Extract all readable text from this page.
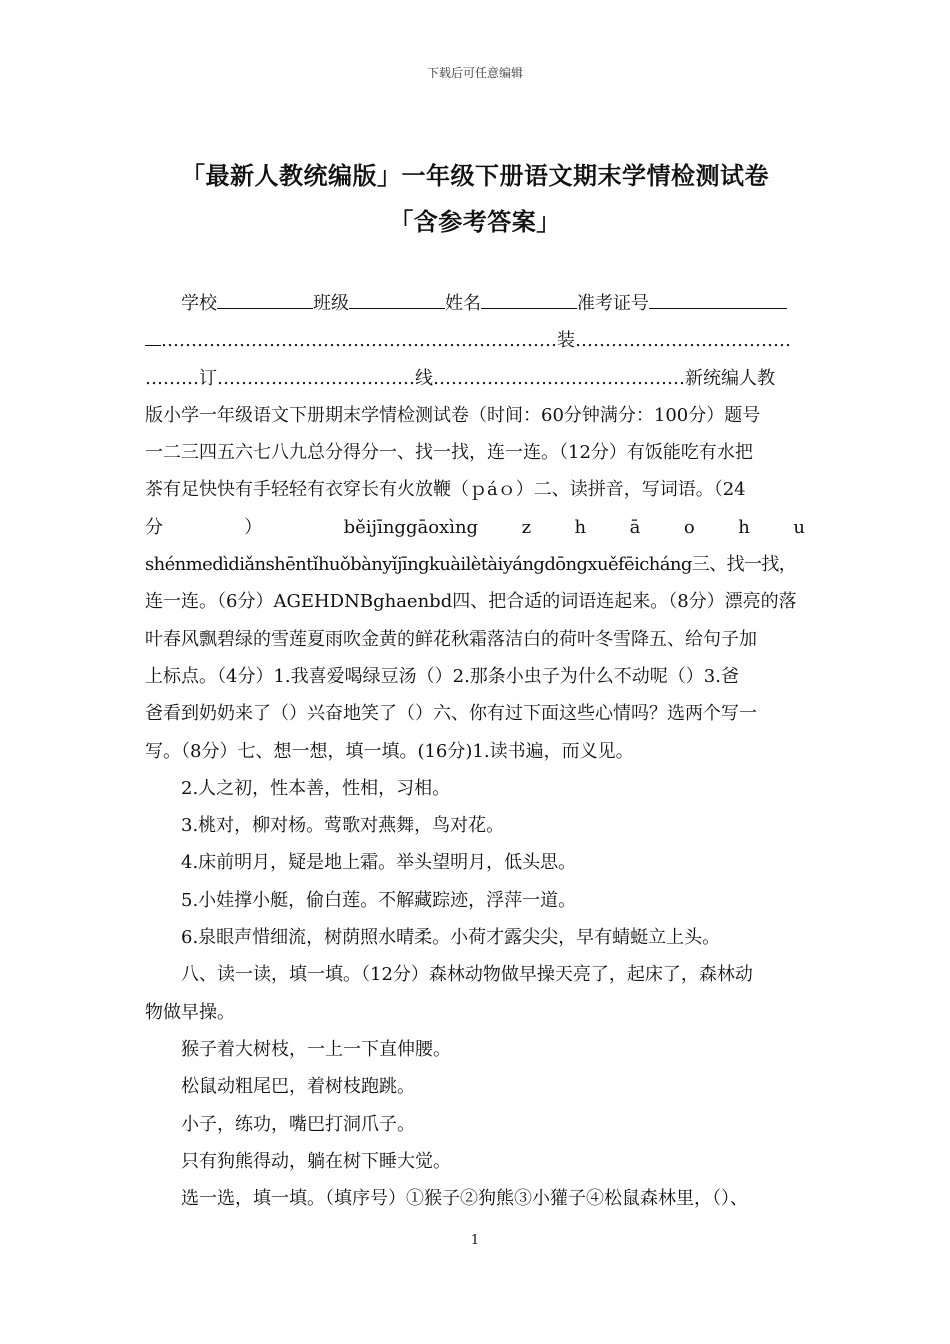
下载后可任意编辑
「最新人教统编版」一年级下册语文期末学情检测试卷
「含参考答案」

学校	班级	姓名	准考证号

…………………………………………………………装………………………………

………订……………………………线……………………………………新统编人教

版小学一年级语文下册期末学情检测试卷（时间：60分钟满分：100分）题号

一二三四五六七八九总分得分一、找一找，连一连。（12分）有饭能吃有水把

茶有足快快有手轻轻有衣穿长有火放鞭（ｐáｏ）二、读拼音，写词语。（24

分 ） běijīnggāoxìng z h ā o h u

shénmedìdiǎnshēntǐhuǒbànyǐjīngkuàilètàiyángdōngxuěfēicháng三、找一找，

连一连。（6分）AGEHDNBghaenbd四、把合适的词语连起来。（8分）漂亮的落

叶春风飘碧绿的雪莲夏雨吹金黄的鲜花秋霜落洁白的荷叶冬雪降五、给句子加

上标点。（4分）1.我喜爱喝绿豆汤（）2.那条小虫子为什么不动呢（）3.爸

爸看到奶奶来了（）兴奋地笑了（）六、你有过下面这些心情吗？选两个写一

写。（8分）七、想一想，填一填。(16分)1.读书遍，而义见。

2.人之初，性本善，性相，习相。

3.桃对，柳对杨。莺歌对燕舞，鸟对花。

4.床前明月，疑是地上霜。举头望明月，低头思。

5.小娃撑小艇，偷白莲。不解藏踪迹，浮萍一道。

6.泉眼声惜细流，树荫照水晴柔。小荷才露尖尖，早有蜻蜓立上头。

八、读一读，填一填。（12分）森林动物做早操天亮了，起床了，森林动

物做早操。

猴子着大树枝，一上一下直伸腰。

松鼠动粗尾巴，着树枝跑跳。

小子，练功，嘴巴打洞爪子。

只有狗熊得动，躺在树下睡大觉。

选一选，填一填。（填序号）①猴子②狗熊③小獾子④松鼠森林里，（）、

1
